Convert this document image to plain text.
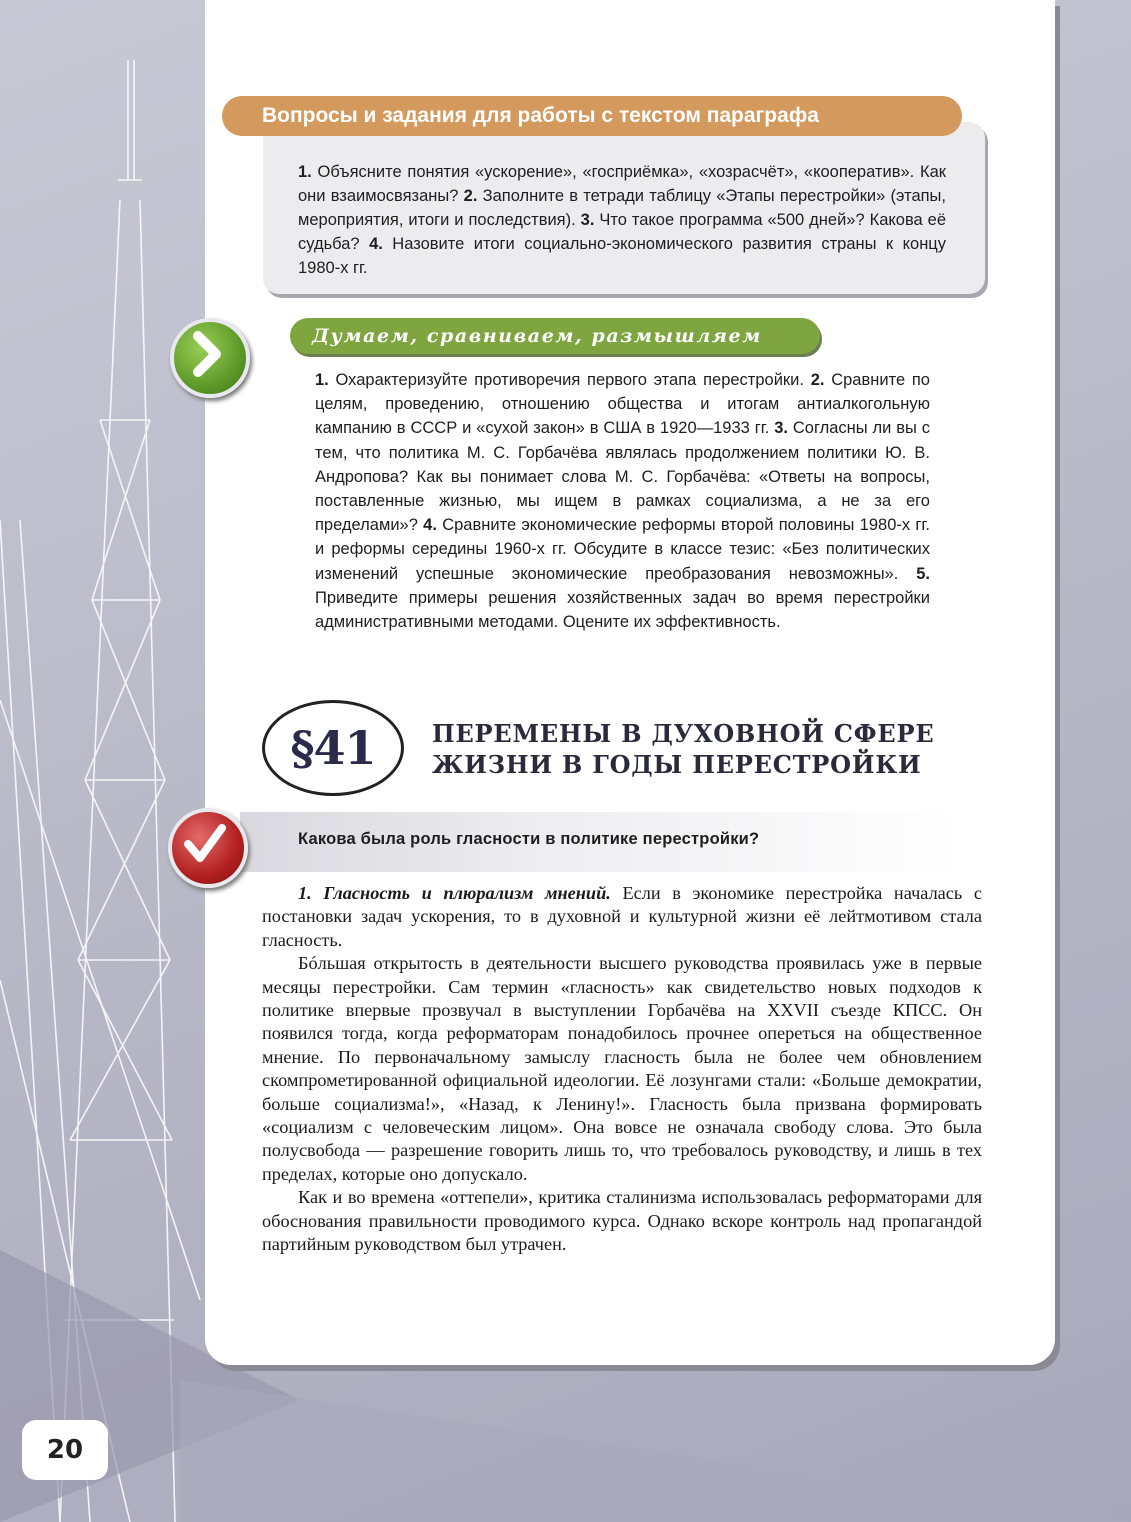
Вопросы и задания для работы с текстом параграфа
1. Объясните понятия «ускорение», «госприёмка», «хозрасчёт», «кооператив». Как они взаимосвязаны? 2. Заполните в тетради таблицу «Этапы перестройки» (этапы, мероприятия, итоги и последствия). 3. Что такое программа «500 дней»? Какова её судьба? 4. Назовите итоги социально-экономического развития страны к концу 1980-х гг.
Думаем, сравниваем, размышляем
1. Охарактеризуйте противоречия первого этапа перестройки. 2. Сравните по целям, проведению, отношению общества и итогам антиалкогольную кампанию в СССР и «сухой закон» в США в 1920—1933 гг. 3. Согласны ли вы с тем, что политика М. С. Горбачёва являлась продолжением политики Ю. В. Андропова? Как вы понимает слова М. С. Горбачёва: «Ответы на вопросы, поставленные жизнью, мы ищем в рамках социализма, а не за его пределами»? 4. Сравните экономические реформы второй половины 1980-х гг. и реформы середины 1960-х гг. Обсудите в классе тезис: «Без политических изменений успешные экономические преобразования невозможны». 5. Приведите примеры решения хозяйственных задач во время перестройки административными методами. Оцените их эффективность.
§41	ПЕРЕМЕНЫ В ДУХОВНОЙ СФЕРЕ
ЖИЗНИ В ГОДЫ ПЕРЕСТРОЙКИ
Какова была роль гласности в политике перестройки?

1. Гласность и плюрализм мнений. Если в экономике перестройка началась с постановки задач ускорения, то в духовной и культурной жизни её лейтмотивом стала гласность.

Бóльшая открытость в деятельности высшего руководства проявилась уже в первые месяцы перестройки. Сам термин «гласность» как свидетельство новых подходов к политике впервые прозвучал в выступлении Горбачёва на XXVII съезде КПСС. Он появился тогда, когда реформаторам понадобилось прочнее опереться на общественное мнение. По первоначальному замыслу гласность была не более чем обновлением скомпрометированной официальной идеологии. Её лозунгами стали: «Больше демократии, больше социализма!», «Назад, к Ленину!». Гласность была призвана формировать «социализм с человеческим лицом». Она вовсе не означала свободу слова. Это была полусвобода — разрешение говорить лишь то, что требовалось руководству, и лишь в тех пределах, которые оно допускало.

Как и во времена «оттепели», критика сталинизма использовалась реформаторами для обоснования правильности проводимого курса. Однако вскоре контроль над пропагандой партийным руководством был утрачен.

20
